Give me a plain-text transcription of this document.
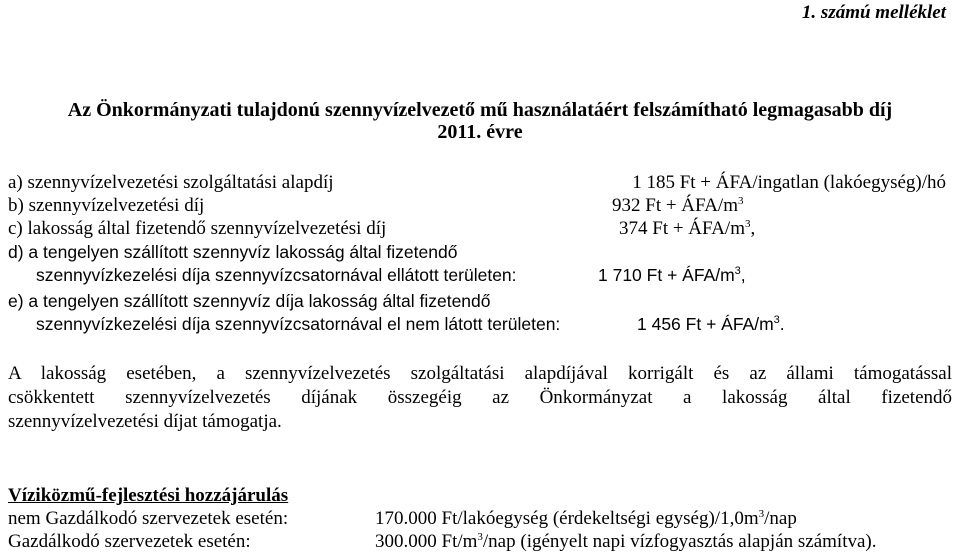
1. számú melléklet
Az Önkormányzati tulajdonú szennyvízelvezető mű használatáért felszámítható legmagasabb díj
2011. évre
a) szennyvízelvezetési szolgáltatási alapdíj	1 185 Ft + ÁFA/ingatlan (lakóegység)/hó
b) szennyvízelvezetési díj	932 Ft + ÁFA/$m^3$
c) lakosság által fizetendő szennyvízelvezetési díj	374 Ft + ÁFA/$m^3$,
d) a tengelyen szállított szennyvíz lakosság által fizetendő
szennyvízkezelési díja szennyvízcsatornával ellátott területen:	1 710 Ft + ÁFA/$m^3$,
e) a tengelyen szállított szennyvíz díja lakosság által fizetendő
szennyvízkezelési díja szennyvízcsatornával el nem látott területen:	1 456 Ft + ÁFA/$m^3$.
A lakosság esetében, a szennyvízelvezetés szolgáltatási alapdíjával korrigált és az állami támogatással
csökkentett szennyvízelvezetés díjának összegéig az Önkormányzat a lakosság által fizetendő
szennyvízelvezetési díjat támogatja.
Víziközmű-fejlesztési hozzájárulás
nem Gazdálkodó szervezetek esetén:	170.000 Ft/lakóegység (érdekeltségi $egység)/1,0m^3$/nap
Gazdálkodó szervezetek esetén:	300.000 $Ft/m^3$/nap (igényelt napi vízfogyasztás alapján számítva).
